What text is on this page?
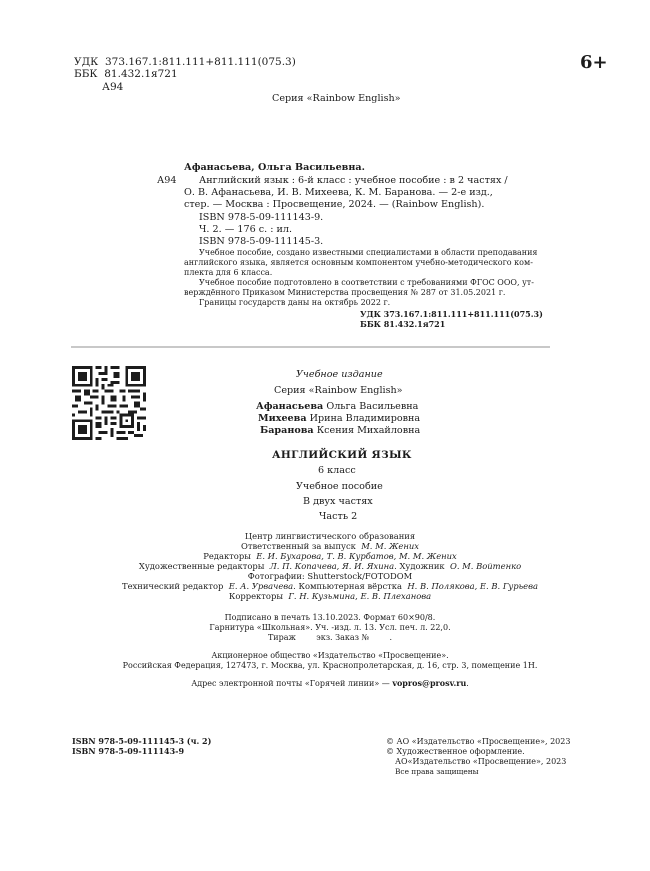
УДК 373.167.1:811.111+811.111(075.3)
ББК 81.432.1я721
А94
6+
Серия «Rainbow English»
Афанасьева, Ольга Васильевна.
А94 Английский язык : 6-й класс : учебное пособие : в 2 частях /
О. В. Афанасьева, И. В. Михеева, К. М. Баранова. — 2-е изд.,
стер. — Москва : Просвещение, 2024. — (Rainbow English).
ISBN 978-5-09-111143-9.
Ч. 2. — 176 с. : ил.
ISBN 978-5-09-111145-3.
Учебное пособие, создано известными специалистами в области преподавания
английского языка, является основным компонентом учебно-методического ком-
плекта для 6 класса.
Учебное пособие подготовлено в соответствии с требованиями ФГОС ООО, ут-
верждённого Приказом Министерства просвещения № 287 от 31.05.2021 г.
Границы государств даны на октябрь 2022 г.
УДК 373.167.1:811.111+811.111(075.3)
ББК 81.432.1я721
Учебное издание
Серия «Rainbow English»
Афанасьева Ольга Васильевна
Михеева Ирина Владимировна
Баранова Ксения Михайловна
АНГЛИЙСКИЙ ЯЗЫК
6 класс
Учебное пособие
В двух частях
Часть 2
Центр лингвистического образования
Ответственный за выпуск М. М. Жених
Редакторы Е. И. Бухарова, Т. В. Курбатов, М. М. Жених
Художественные редакторы Л. П. Копачева, Я. И. Яхина. Художник О. М. Войтенко
Фотографии: Shutterstock/FOTODOM
Технический редактор Е. А. Урвачева. Компьютерная вёрстка Н. В. Полякова, Е. В. Гурьева
Корректоры Г. Н. Кузьмина, Е. В. Плеханова
Подписано в печать 13.10.2023. Формат 60×90/8.
Гарнитура «Школьная». Уч. -изд. л. 13. Усл. печ. л. 22,0.
Тираж        экз. Заказ №        .
Акционерное общество «Издательство «Просвещение».
Российская Федерация, 127473, г. Москва, ул. Краснопролетарская, д. 16, стр. 3, помещение 1Н.
Адрес электронной почты «Горячей линии» — vopros@prosv.ru.
ISBN 978-5-09-111145-3 (ч. 2)
ISBN 978-5-09-111143-9
© АО «Издательство «Просвещение», 2023
© Художественное оформление.
АО«Издательство «Просвещение», 2023
Все права защищены
